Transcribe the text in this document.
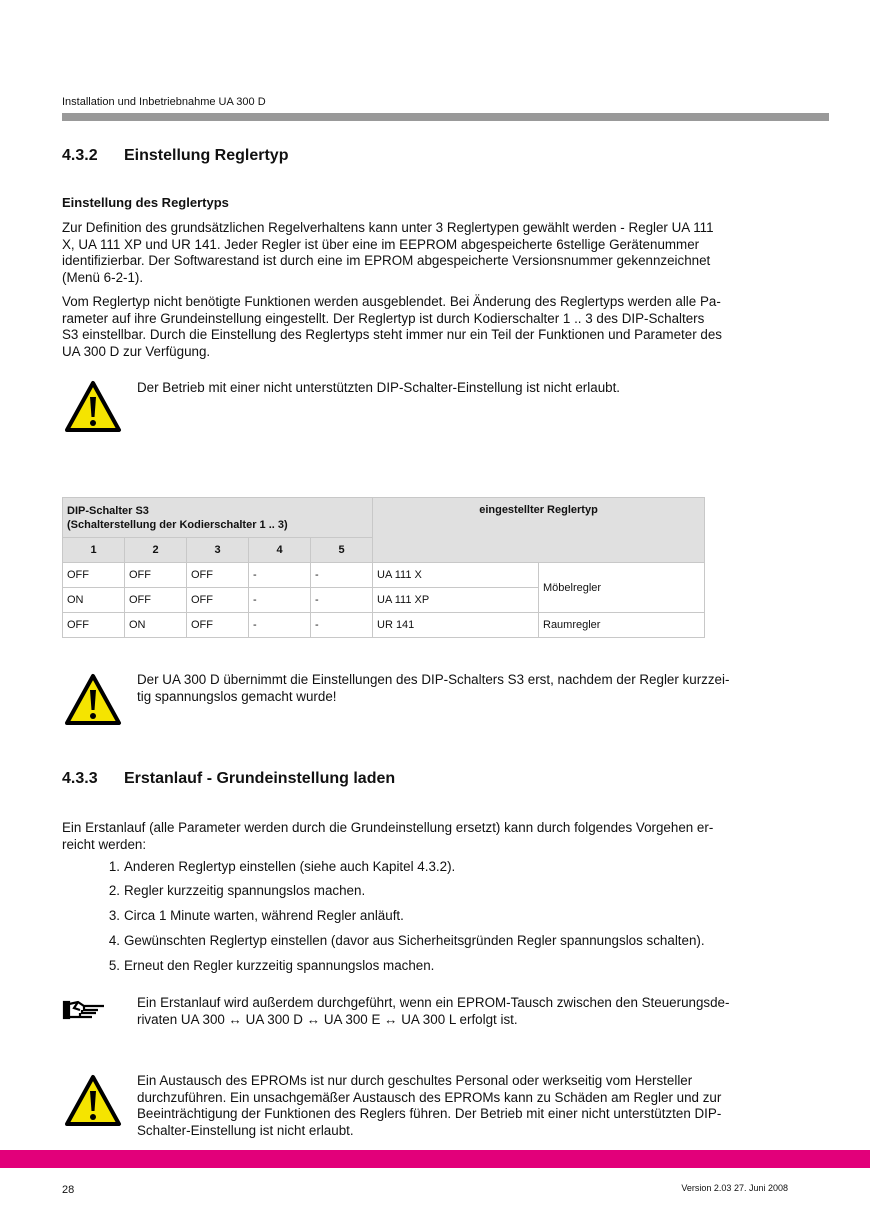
Installation und Inbetriebnahme UA 300 D
4.3.2 Einstellung Reglertyp
Einstellung des Reglertyps
Zur Definition des grundsätzlichen Regelverhaltens kann unter 3 Reglertypen gewählt werden - Regler UA 111
X, UA 111 XP und UR 141. Jeder Regler ist über eine im EEPROM abgespeicherte 6stellige Gerätenummer
identifizierbar. Der Softwarestand ist durch eine im EPROM abgespeicherte Versionsnummer gekennzeichnet
(Menü 6-2-1).
Vom Reglertyp nicht benötigte Funktionen werden ausgeblendet. Bei Änderung des Reglertyps werden alle Pa-
rameter auf ihre Grundeinstellung eingestellt. Der Reglertyp ist durch Kodierschalter 1 .. 3 des DIP-Schalters
S3 einstellbar. Durch die Einstellung des Reglertyps steht immer nur ein Teil der Funktionen und Parameter des
UA 300 D zur Verfügung.
Der Betrieb mit einer nicht unterstützten DIP-Schalter-Einstellung ist nicht erlaubt.
DIP-Schalter S3
(Schalterstellung der Kodierschalter 1 .. 3)					eingestellter Reglertyp	
1	2	3	4	5		
OFF	OFF	OFF	-	-	UA 111 X	Möbelregler
ON	OFF	OFF	-	-	UA 111 XP	
OFF	ON	OFF	-	-	UR 141	Raumregler
Der UA 300 D übernimmt die Einstellungen des DIP-Schalters S3 erst, nachdem der Regler kurzzei-
tig spannungslos gemacht wurde!
4.3.3 Erstanlauf - Grundeinstellung laden
Ein Erstanlauf (alle Parameter werden durch die Grundeinstellung ersetzt) kann durch folgendes Vorgehen er-
reicht werden:
1. Anderen Reglertyp einstellen (siehe auch Kapitel 4.3.2).
2. Regler kurzzeitig spannungslos machen.
3. Circa 1 Minute warten, während Regler anläuft.
4. Gewünschten Reglertyp einstellen (davor aus Sicherheitsgründen Regler spannungslos schalten).
5. Erneut den Regler kurzzeitig spannungslos machen.
Ein Erstanlauf wird außerdem durchgeführt, wenn ein EPROM-Tausch zwischen den Steuerungsde-
rivaten UA 300 ↔ UA 300 D ↔ UA 300 E ↔ UA 300 L erfolgt ist.
Ein Austausch des EPROMs ist nur durch geschultes Personal oder werkseitig vom Hersteller
durchzuführen. Ein unsachgemäßer Austausch des EPROMs kann zu Schäden am Regler und zur
Beeinträchtigung der Funktionen des Reglers führen. Der Betrieb mit einer nicht unterstützten DIP-
Schalter-Einstellung ist nicht erlaubt.
28	Version 2.03 27. Juni 2008
